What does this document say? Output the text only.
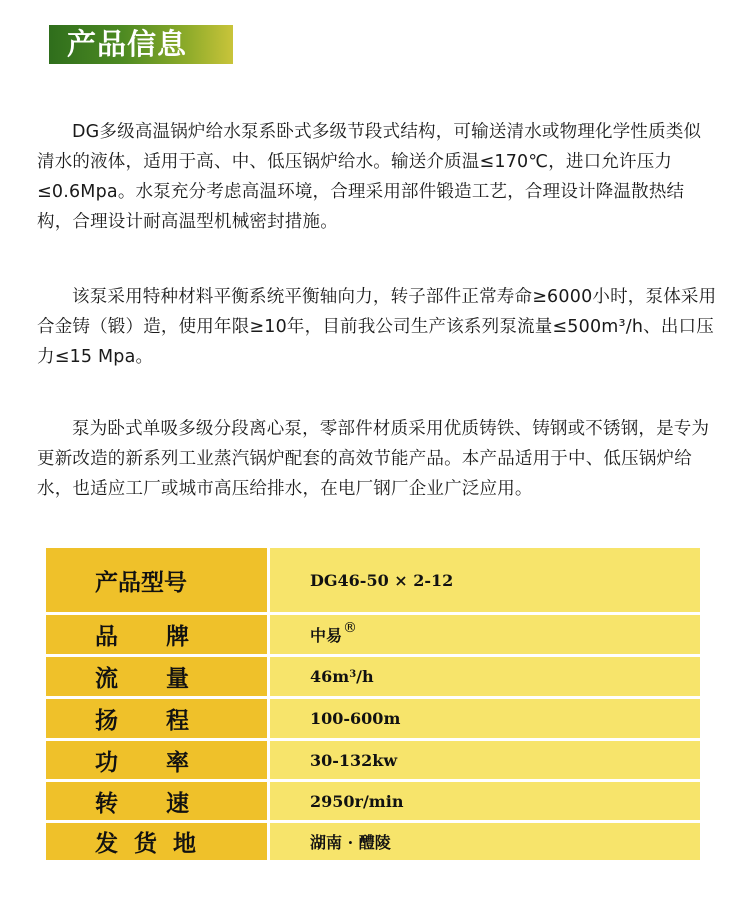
产品信息

DG多级高温锅炉给水泵系卧式多级节段式结构，可输送清水或物理化学性质类似清水的液体，适用于高、中、低压锅炉给水。输送介质温≤170℃，进口允许压力≤0.6Mpa。水泵充分考虑高温环境，合理采用部件锻造工艺，合理设计降温散热结构，合理设计耐高温型机械密封措施。

该泵采用特种材料平衡系统平衡轴向力，转子部件正常寿命≥6000小时，泵体采用合金铸（锻）造，使用年限≥10年，目前我公司生产该系列泵流量≤500m³/h、出口压力≤15 Mpa。

泵为卧式单吸多级分段离心泵，零部件材质采用优质铸铁、铸钢或不锈钢，是专为更新改造的新系列工业蒸汽锅炉配套的高效节能产品。本产品适用于中、低压锅炉给水，也适应工厂或城市高压给排水，在电厂钢厂企业广泛应用。

产品型号	DG46-50 × 2-12
品      牌	中易 ®
流      量	$46m^3$ /h
扬      程	100-600m
功      率	30-132kw
转      速	2950r/min
发  货  地	湖南 · 醴陵
